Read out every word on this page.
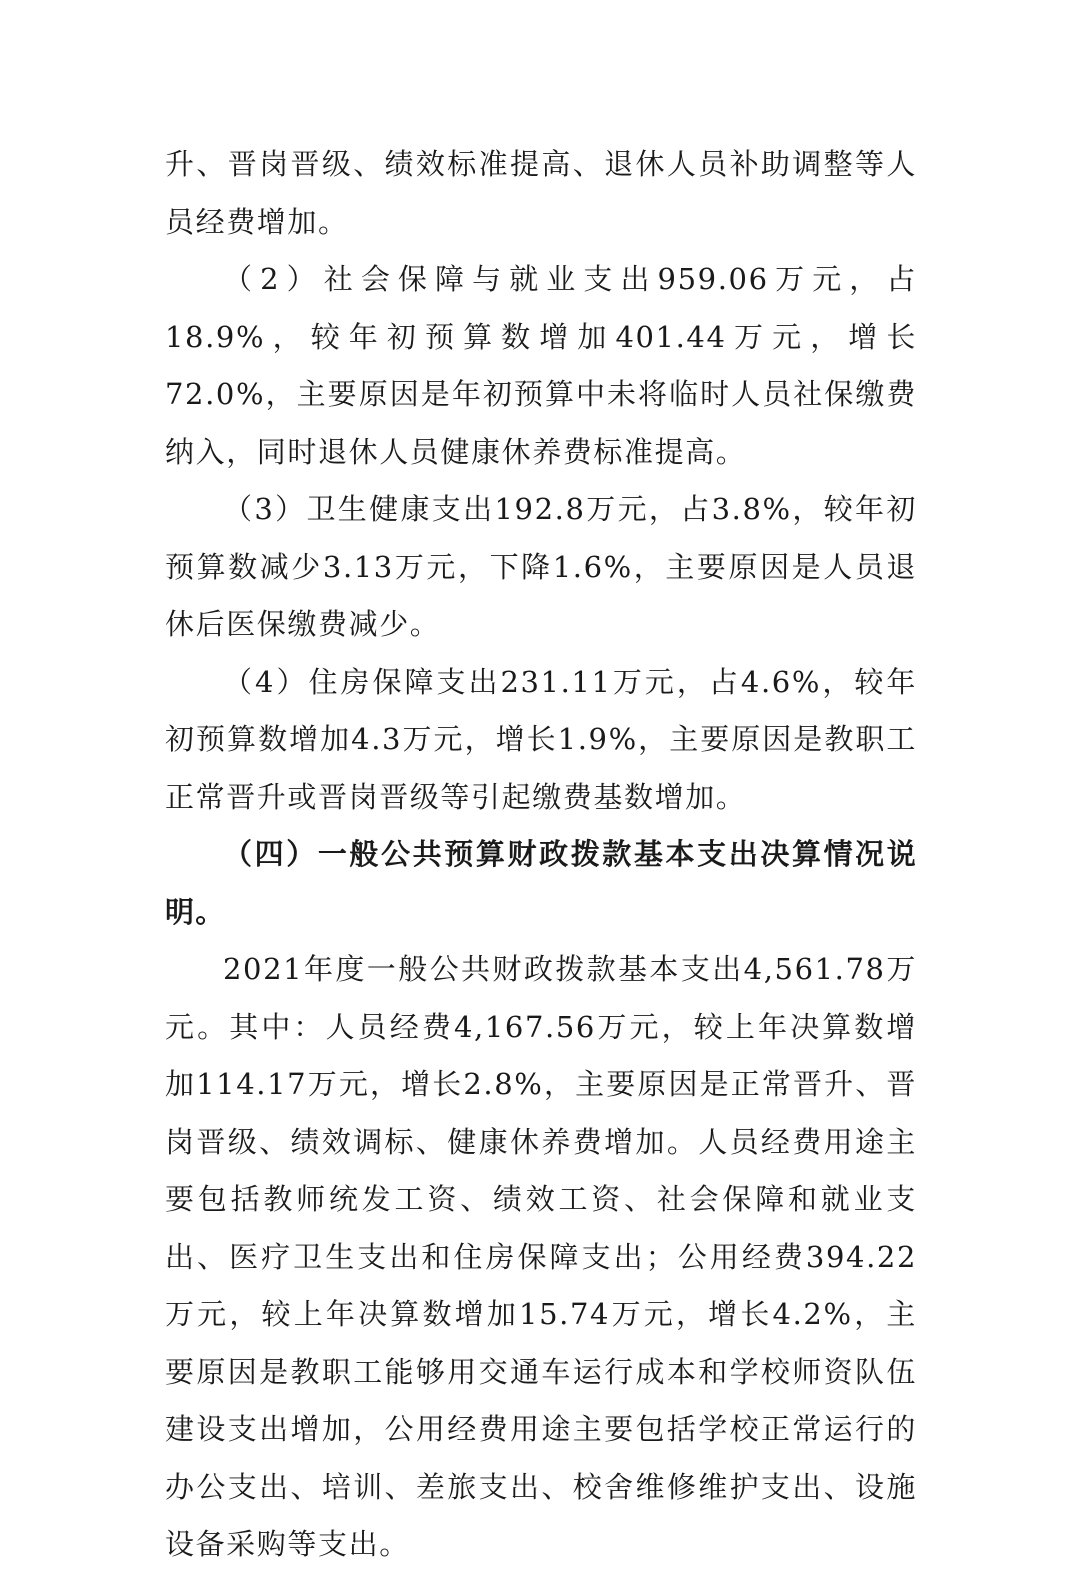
升、晋岗晋级、绩效标准提高、退休人员补助调整等人员经费增加。

（2）社会保障与就业支出959.06万元，占18.9%，较年初预算数增加401.44万元，增长72.0%，主要原因是年初预算中未将临时人员社保缴费纳入，同时退休人员健康休养费标准提高。

（3）卫生健康支出192.8万元，占3.8%，较年初预算数减少3.13万元，下降1.6%，主要原因是人员退休后医保缴费减少。

（4）住房保障支出231.11万元，占4.6%，较年初预算数增加4.3万元，增长1.9%，主要原因是教职工正常晋升或晋岗晋级等引起缴费基数增加。

（四）一般公共预算财政拨款基本支出决算情况说明。

2021年度一般公共财政拨款基本支出4,561.78万元。其中：人员经费4,167.56万元，较上年决算数增加114.17万元，增长2.8%，主要原因是正常晋升、晋岗晋级、绩效调标、健康休养费增加。人员经费用途主要包括教师统发工资、绩效工资、社会保障和就业支出、医疗卫生支出和住房保障支出；公用经费394.22万元，较上年决算数增加15.74万元，增长4.2%，主要原因是教职工能够用交通车运行成本和学校师资队伍建设支出增加，公用经费用途主要包括学校正常运行的办公支出、培训、差旅支出、校舍维修维护支出、设施设备采购等支出。
